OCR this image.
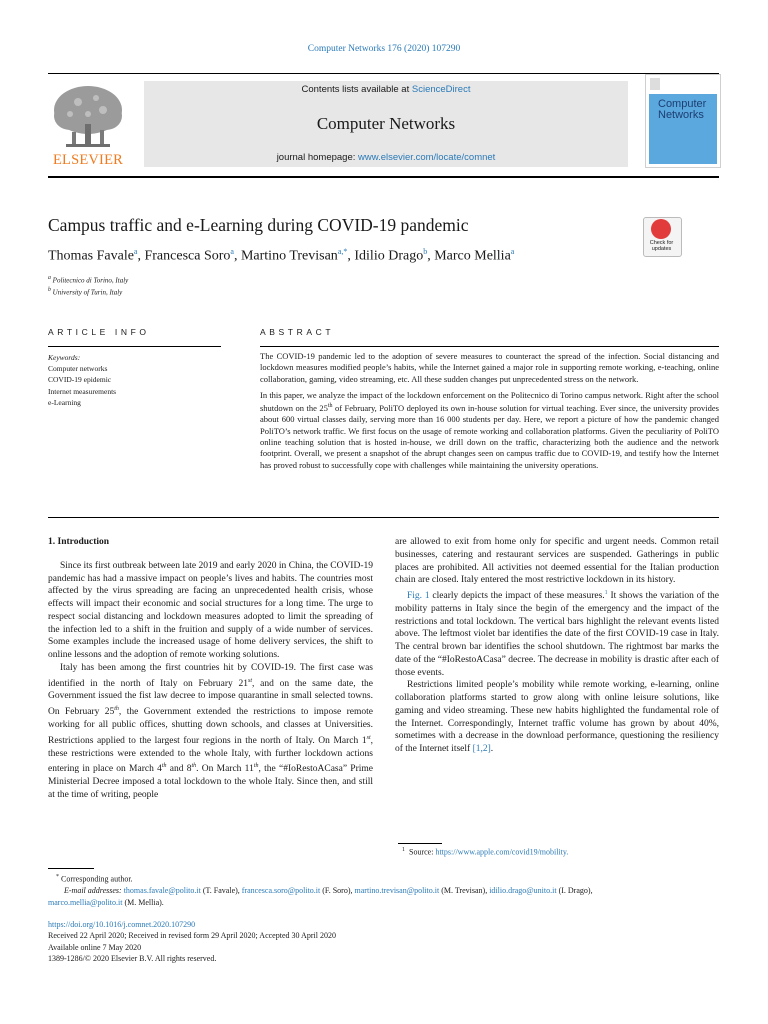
Computer Networks 176 (2020) 107290
ELSEVIER
Contents lists available at ScienceDirect
Computer Networks
journal homepage: www.elsevier.com/locate/comnet
Computer
Networks
Campus traffic and e-Learning during COVID-19 pandemic
Check for
updates
Thomas Favale$^a$, Francesca Soro$^a$, Martino Trevisan$^{a,*}$, Idilio Drago$^b$, Marco Mellia$^a$
$^a$ Politecnico di Torino, Italy
$^b$ University of Turin, Italy
ARTICLE INFO	ABSTRACT
Keywords:
Computer networks
COVID-19 epidemic
Internet measurements
e-Learning

The COVID-19 pandemic led to the adoption of severe measures to counteract the spread of the infection. Social distancing and lockdown measures modified people’s habits, while the Internet gained a major role in supporting remote working, e-teaching, online collaboration, gaming, video streaming, etc. All these sudden changes put unprecedented stress on the network.

In this paper, we analyze the impact of the lockdown enforcement on the Politecnico di Torino campus network. Right after the school shutdown on the 25th of February, PoliTO deployed its own in-house solution for virtual teaching. Ever since, the university provides about 600 virtual classes daily, serving more than 16 000 students per day. Here, we report a picture of how the pandemic changed PoliTO’s network traffic. We first focus on the usage of remote working and collaboration platforms. Given the peculiarity of PoliTO online teaching solution that is hosted in-house, we drill down on the traffic, characterizing both the audience and the network footprint. Overall, we present a snapshot of the abrupt changes seen on campus traffic due to COVID-19, and testify how the Internet has proved robust to successfully cope with challenges while maintaining the university operations.

1. Introduction

Since its first outbreak between late 2019 and early 2020 in China, the COVID-19 pandemic has had a massive impact on people’s lives and habits. The countries most affected by the virus spreading are facing an unprecedented health crisis, whose effects will impact their economic and social structures for a long time. The urge to respect social distancing and lockdown measures adopted to limit the spreading of the infection led to a shift in the fruition and supply of a wide number of services. Some examples include the increased usage of home delivery services, the shift to online lessons and the adoption of remote working solutions.

Italy has been among the first countries hit by COVID-19. The first case was identified in the north of Italy on February 21st, and on the same date, the Government issued the fist law decree to impose quarantine in small selected towns. On February 25th, the Government extended the restrictions to impose remote working for all public offices, shutting down schools, and classes at Universities. Restrictions applied to the largest four regions in the north of Italy. On March 1st, these restrictions were extended to the whole Italy, with further lockdown actions entering in place on March 4th and 8th. On March 11th, the “#IoRestoACasa” Prime Ministerial Decree imposed a total lockdown to the whole Italy. Since then, and still at the time of writing, people

are allowed to exit from home only for specific and urgent needs. Common retail businesses, catering and restaurant services are suspended. Gatherings in public places are prohibited. All activities not deemed essential for the Italian production chain are closed. Italy entered the most restrictive lockdown in its history.

Fig. 1 clearly depicts the impact of these measures.$^1$ It shows the variation of the mobility patterns in Italy since the begin of the emergency and the impact of the restrictions and total lockdown. The vertical bars highlight the relevant events listed above. The leftmost violet bar identifies the date of the first COVID-19 case in Italy. The central brown bar identifies the school shutdown. The rightmost bar marks the date of the “#IoRestoACasa” decree. The decrease in mobility is drastic after each of those events.

Restrictions limited people’s mobility while remote working, e-learning, online collaboration platforms started to grow along with online leisure solutions, like gaming and video streaming. These new habits highlighted the fundamental role of the Internet. Correspondingly, Internet traffic volume has grown by about 40%, sometimes with a decrease in the download performance, questioning the resiliency of the Internet itself [1,2].

$^1$ Source: https://www.apple.com/covid19/mobility.
* Corresponding author.
E-mail addresses: thomas.favale@polito.it (T. Favale), francesca.soro@polito.it (F. Soro), martino.trevisan@polito.it (M. Trevisan), idilio.drago@unito.it (I. Drago),
marco.mellia@polito.it (M. Mellia).
https://doi.org/10.1016/j.comnet.2020.107290
Received 22 April 2020; Received in revised form 29 April 2020; Accepted 30 April 2020
Available online 7 May 2020
1389-1286/© 2020 Elsevier B.V. All rights reserved.
